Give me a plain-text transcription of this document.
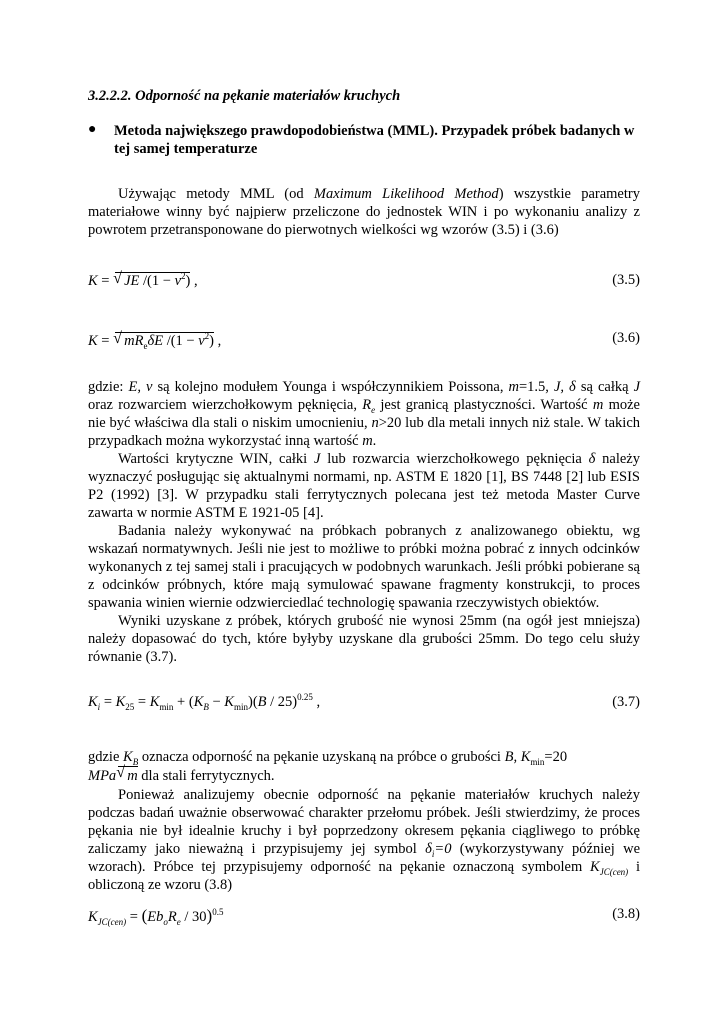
3.2.2.2. Odporność na pękanie materiałów kruchych
● Metoda największego prawdopodobieństwa (MML). Przypadek próbek badanych w
tej samej temperaturze

Używając metody MML (od Maximum Likelihood Method) wszystkie parametry materiałowe winny być najpierw przeliczone do jednostek WIN i po wykonaniu analizy z powrotem przetransponowane do pierwotnych wielkości wg wzorów (3.5) i (3.6)

K = √ JE $/(1 - \nu^2)$ ,	(3.5)
K = √ $mR_e\delta E$ $/(1 - \nu^2)$ ,	(3.6)

gdzie: E, ν są kolejno modułem Younga i współczynnikiem Poissona, m=1.5, J, δ są całką J oraz rozwarciem wierzchołkowym pęknięcia, $R_e$ jest granicą plastyczności. Wartość m może nie być właściwa dla stali o niskim umocnieniu, n>20 lub dla metali innych niż stale. W takich przypadkach można wykorzystać inną wartość m.

Wartości krytyczne WIN, całki J lub rozwarcia wierzchołkowego pęknięcia δ należy wyznaczyć posługując się aktualnymi normami, np. ASTM E 1820 [1], BS 7448 [2] lub ESIS P2 (1992) [3]. W przypadku stali ferrytycznych polecana jest też metoda Master Curve zawarta w normie ASTM E 1921-05 [4].

Badania należy wykonywać na próbkach pobranych z analizowanego obiektu, wg wskazań normatywnych. Jeśli nie jest to możliwe to próbki można pobrać z innych odcinków wykonanych z tej samej stali i pracujących w podobnych warunkach. Jeśli próbki pobierane są z odcinków próbnych, które mają symulować spawane fragmenty konstrukcji, to proces spawania winien wiernie odzwierciedlać technologię spawania rzeczywistych obiektów.

Wyniki uzyskane z próbek, których grubość nie wynosi 25mm (na ogół jest mniejsza) należy dopasować do tych, które byłyby uzyskane dla grubości 25mm. Do tego celu służy równanie (3.7).

$K_i = K_{25} = K_{min} + (K_B - K_{min})(B / 25)^{0.25}$ ,	(3.7)

gdzie $K_B$ oznacza odporność na pękanie uzyskaną na próbce o grubości B, $K_{min}=20$
MPa √ m dla stali ferrytycznych.

Ponieważ analizujemy obecnie odporność na pękanie materiałów kruchych należy podczas badań uważnie obserwować charakter przełomu próbek. Jeśli stwierdzimy, że proces pękania nie był idealnie kruchy i był poprzedzony okresem pękania ciągliwego to próbkę zaliczamy jako nieważną i przypisujemy jej symbol $\delta_i=0$ (wykorzystywany później we wzorach). Próbce tej przypisujemy odporność na pękanie oznaczoną symbolem $K_{JC(cen)}$ i obliczoną ze wzoru (3.8)

$K_{JC(cen)} = (Eb_oR_e / 30)^{0.5}$	(3.8)
